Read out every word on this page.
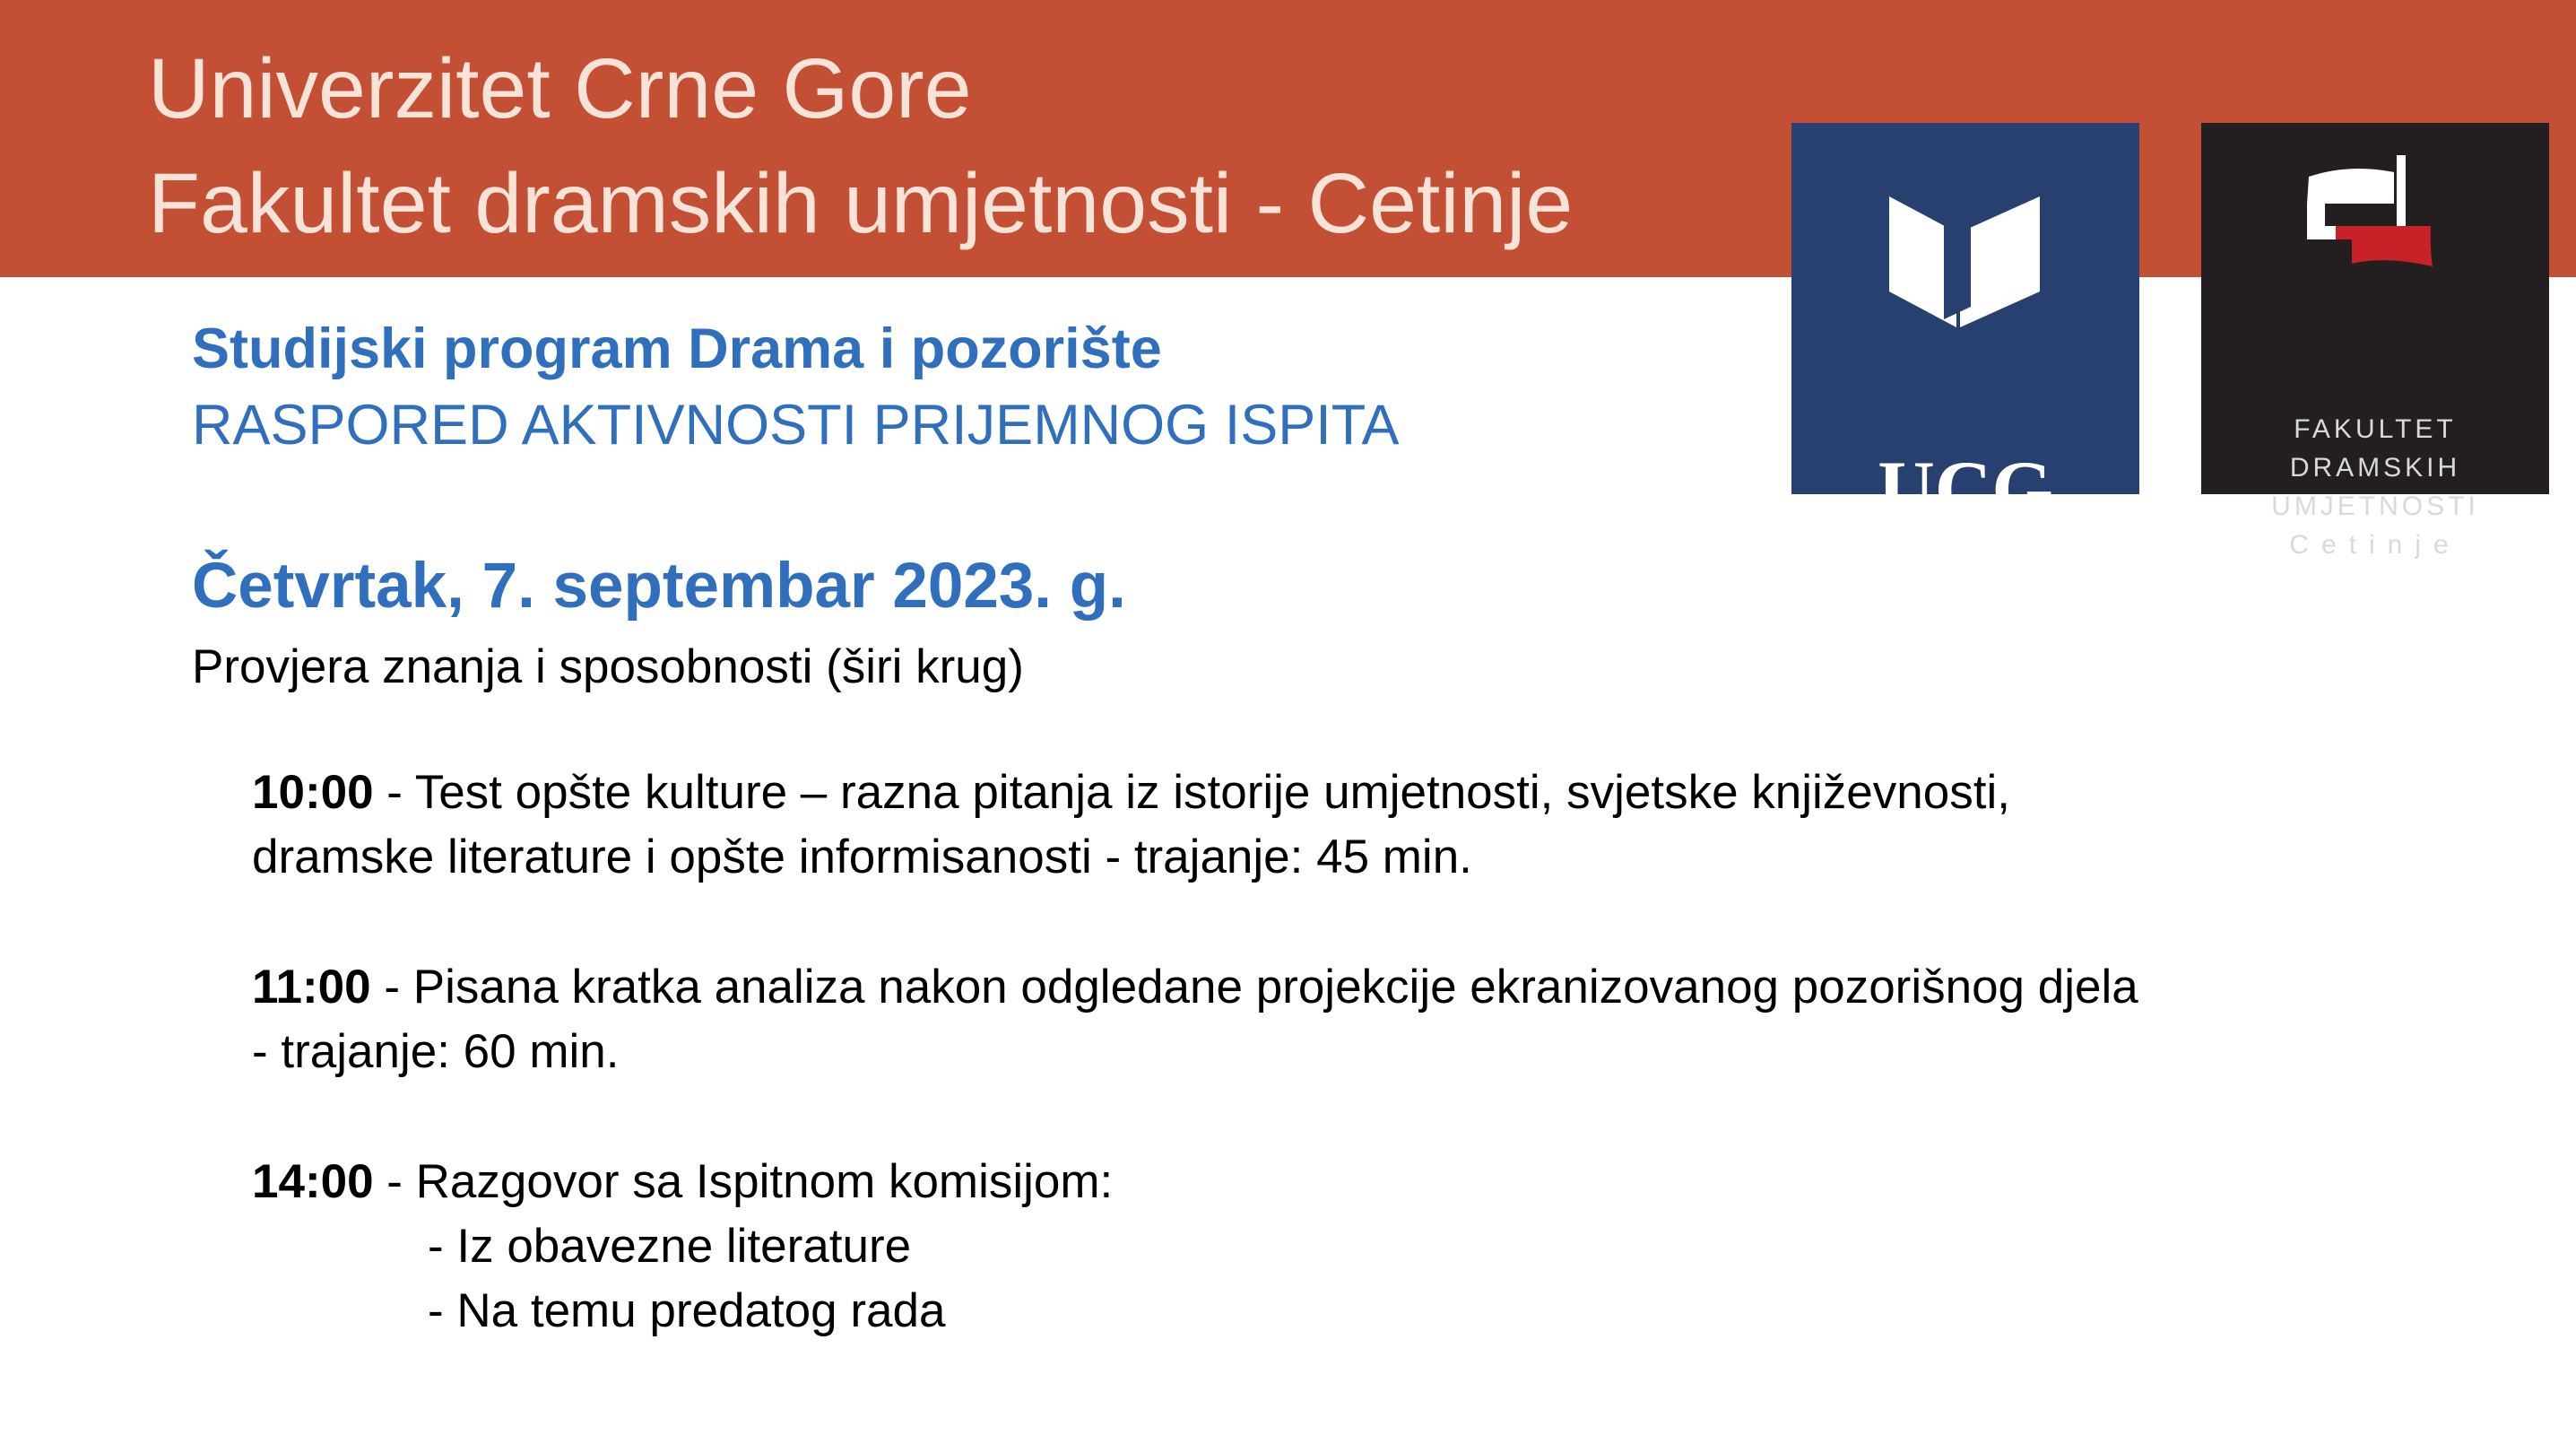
Univerzitet Crne Gore
Fakultet dramskih umjetnosti - Cetinje
UCG
Univerzitet Crne Gore
FAKULTET
DRAMSKIH
UMJETNOSTI
Cetinje
Studijski program Drama i pozorište
RASPORED AKTIVNOSTI PRIJEMNOG ISPITA
Četvrtak, 7. septembar 2023. g.
Provjera znanja i sposobnosti (širi krug)
10:00 - Test opšte kulture – razna pitanja iz istorije umjetnosti, svjetske književnosti,
dramske literature i opšte informisanosti - trajanje: 45 min.
11:00 - Pisana kratka analiza nakon odgledane projekcije ekranizovanog pozorišnog djela
- trajanje: 60 min.
14:00 - Razgovor sa Ispitnom komisijom:
- Iz obavezne literature
- Na temu predatog rada
